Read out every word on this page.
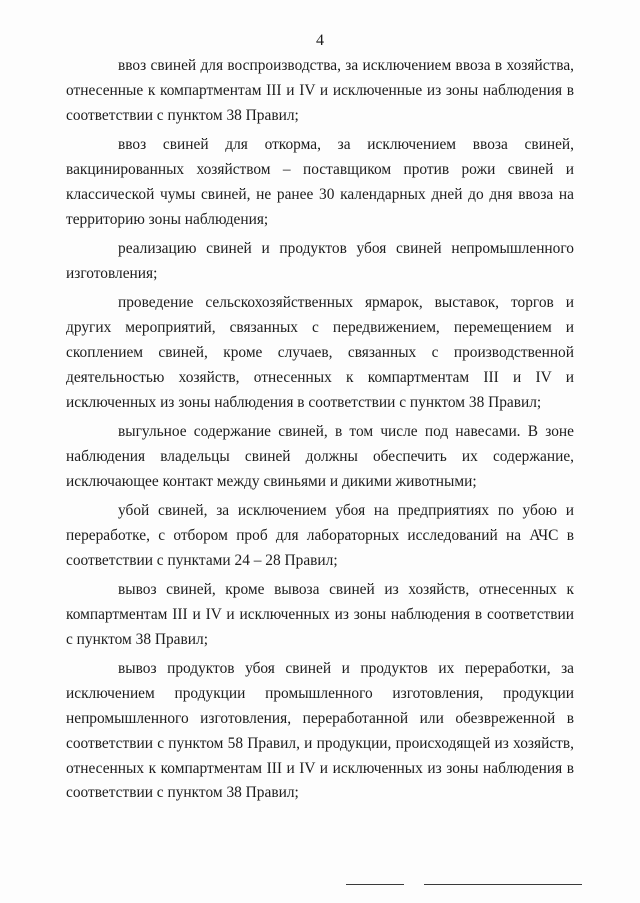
4

ввоз свиней для воспроизводства, за исключением ввоза в хозяйства, отнесенные к компартментам III и IV и исключенные из зоны наблюдения в соответствии с пунктом 38 Правил;

ввоз свиней для откорма, за исключением ввоза свиней, вакцинированных хозяйством – поставщиком против рожи свиней и классической чумы свиней, не ранее 30 календарных дней до дня ввоза на территорию зоны наблюдения;

реализацию свиней и продуктов убоя свиней непромышленного изготовления;

проведение сельскохозяйственных ярмарок, выставок, торгов и других мероприятий, связанных с передвижением, перемещением и скоплением свиней, кроме случаев, связанных с производственной деятельностью хозяйств, отнесенных к компартментам III и IV и исключенных из зоны наблюдения в соответствии с пунктом 38 Правил;

выгульное содержание свиней, в том числе под навесами. В зоне наблюдения владельцы свиней должны обеспечить их содержание, исключающее контакт между свиньями и дикими животными;

убой свиней, за исключением убоя на предприятиях по убою и переработке, с отбором проб для лабораторных исследований на АЧС в соответствии с пунктами 24 – 28 Правил;

вывоз свиней, кроме вывоза свиней из хозяйств, отнесенных к компартментам III и IV и исключенных из зоны наблюдения в соответствии с пунктом 38 Правил;

вывоз продуктов убоя свиней и продуктов их переработки, за исключением продукции промышленного изготовления, продукции непромышленного изготовления, переработанной или обезвреженной в соответствии с пунктом 58 Правил, и продукции, происходящей из хозяйств, отнесенных к компартментам III и IV и исключенных из зоны наблюдения в соответствии с пунктом 38 Правил;
